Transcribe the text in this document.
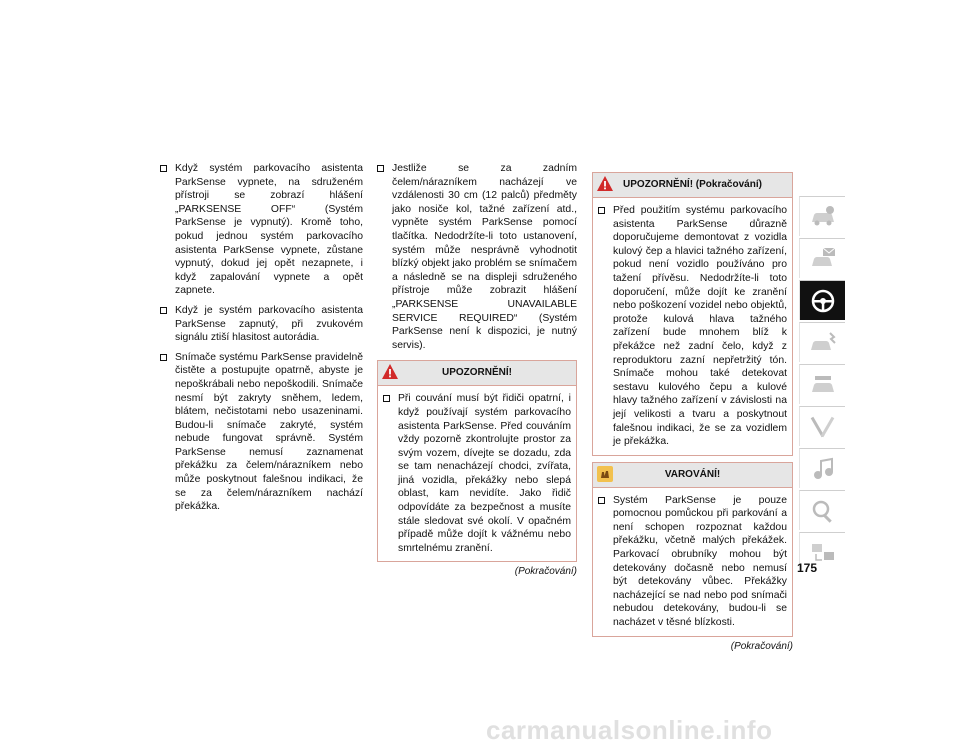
Když systém parkovacího asistenta ParkSense vypnete, na sdruženém přístroji se zobrazí hlášení „PARKSENSE OFF“ (Systém ParkSense je vypnutý). Kromě toho, pokud jednou systém parkovacího asistenta ParkSense vypnete, zůstane vypnutý, dokud jej opět nezapnete, i když zapalování vypnete a opět zapnete.
Když je systém parkovacího asistenta ParkSense zapnutý, při zvukovém signálu ztiší hlasitost autorádia.
Snímače systému ParkSense pravidelně čistěte a postupujte opatrně, abyste je nepoškrábali nebo nepoškodili. Snímače nesmí být zakryty sněhem, ledem, blátem, nečistotami nebo usazeninami. Budou-li snímače zakryté, systém nebude fungovat správně. Systém ParkSense nemusí zaznamenat překážku za čelem/nárazníkem nebo může poskytnout falešnou indikaci, že se za čelem/nárazníkem nachází překážka.
Jestliže se za zadním čelem/nárazníkem nacházejí ve vzdálenosti 30 cm (12 palců) předměty jako nosiče kol, tažné zařízení atd., vypněte systém ParkSense pomocí tlačítka. Nedodržíte-li toto ustanovení, systém může nesprávně vyhodnotit blízký objekt jako problém se snímačem a následně se na displeji sdruženého přístroje může zobrazit hlášení „PARKSENSE UNAVAILABLE SERVICE REQUIRED“ (Systém ParkSense není k dispozici, je nutný servis).
UPOZORNĚNÍ!
Při couvání musí být řidiči opatrní, i když používají systém parkovacího asistenta ParkSense. Před couváním vždy pozorně zkontrolujte prostor za svým vozem, dívejte se dozadu, zda se tam nenacházejí chodci, zvířata, jiná vozidla, překážky nebo slepá oblast, kam nevidíte. Jako řidič odpovídáte za bezpečnost a musíte stále sledovat své okolí. V opačném případě může dojít k vážnému nebo smrtelnému zranění.
(Pokračování)
UPOZORNĚNÍ! (Pokračování)
Před použitím systému parkovacího asistenta ParkSense důrazně doporučujeme demontovat z vozidla kulový čep a hlavici tažného zařízení, pokud není vozidlo používáno pro tažení přívěsu. Nedodržíte-li toto doporučení, může dojít ke zranění nebo poškození vozidel nebo objektů, protože kulová hlava tažného zařízení bude mnohem blíž k překážce než zadní čelo, když z reproduktoru zazní nepřetržitý tón. Snímače mohou také detekovat sestavu kulového čepu a kulové hlavy tažného zařízení v závislosti na její velikosti a tvaru a poskytnout falešnou indikaci, že se za vozidlem je překážka.
VAROVÁNÍ!
Systém ParkSense je pouze pomocnou pomůckou při parkování a není schopen rozpoznat každou překážku, včetně malých překážek. Parkovací obrubníky mohou být detekovány dočasně nebo nemusí být detekovány vůbec. Překážky nacházející se nad nebo pod snímači nebudou detekovány, budou-li se nacházet v těsné blízkosti.
(Pokračování)
175
carmanualsonline.info
